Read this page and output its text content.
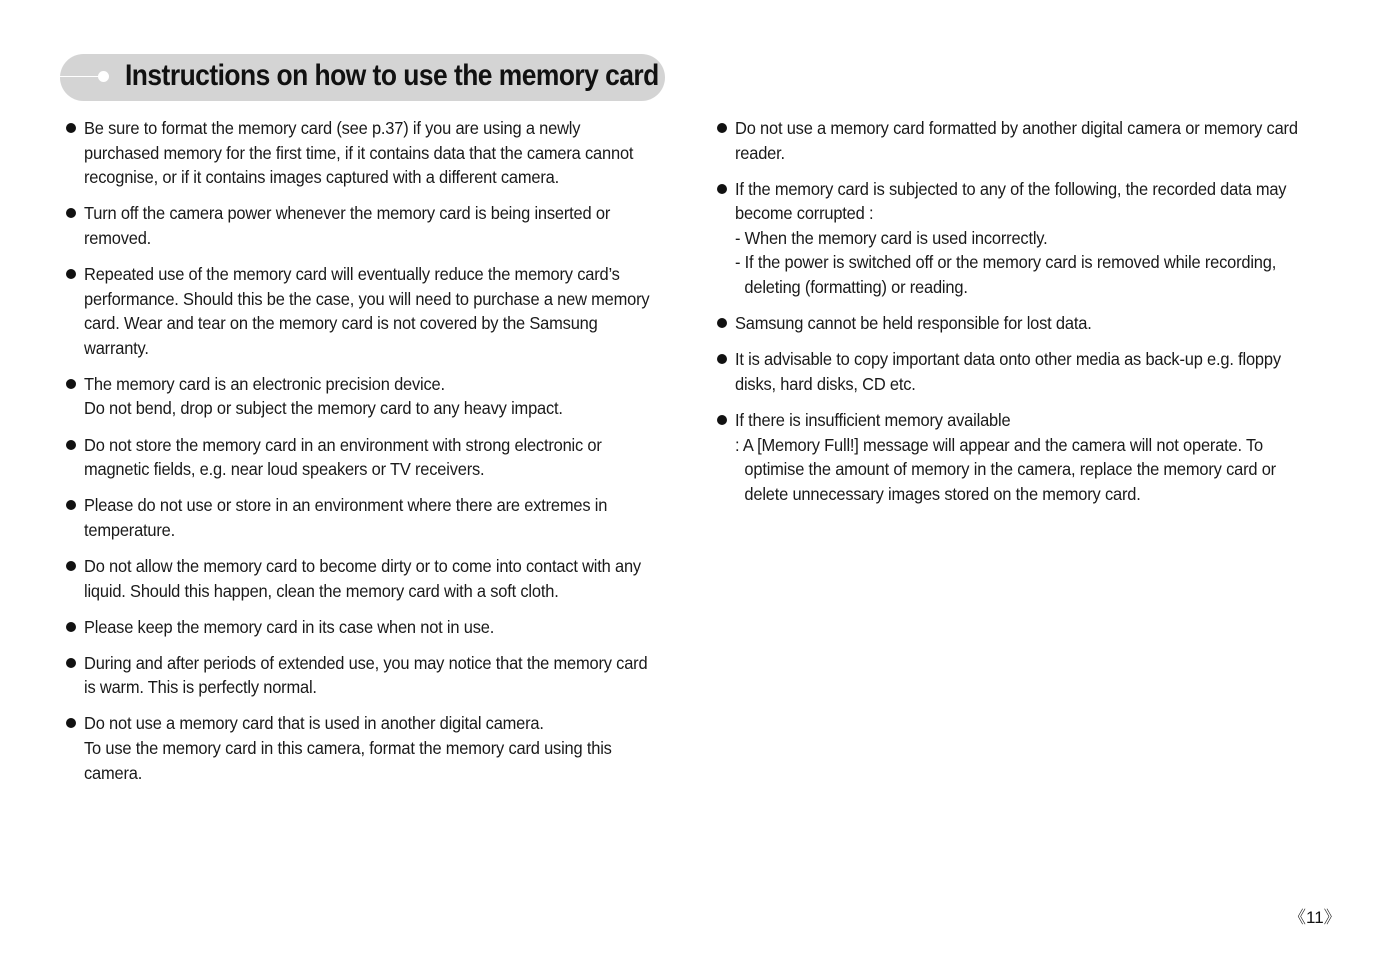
Instructions on how to use the memory card
Be sure to format the memory card (see p.37) if you are using a newly
purchased memory for the first time, if it contains data that the camera cannot
recognise, or if it contains images captured with a different camera.
Turn off the camera power whenever the memory card is being inserted or
removed.
Repeated use of the memory card will eventually reduce the memory card’s
performance. Should this be the case, you will need to purchase a new memory
card. Wear and tear on the memory card is not covered by the Samsung
warranty.
The memory card is an electronic precision device.
Do not bend, drop or subject the memory card to any heavy impact.
Do not store the memory card in an environment with strong electronic or
magnetic fields, e.g. near loud speakers or TV receivers.
Please do not use or store in an environment where there are extremes in
temperature.
Do not allow the memory card to become dirty or to come into contact with any
liquid. Should this happen, clean the memory card with a soft cloth.
Please keep the memory card in its case when not in use.
During and after periods of extended use, you may notice that the memory card
is warm. This is perfectly normal.
Do not use a memory card that is used in another digital camera.
To use the memory card in this camera, format the memory card using this
camera.
Do not use a memory card formatted by another digital camera or memory card
reader.
If the memory card is subjected to any of the following, the recorded data may
become corrupted :
- When the memory card is used incorrectly.
- If the power is switched off or the memory card is removed while recording,
deleting (formatting) or reading.
Samsung cannot be held responsible for lost data.
It is advisable to copy important data onto other media as back-up e.g. floppy
disks, hard disks, CD etc.
If there is insufficient memory available
: A [Memory Full!] message will appear and the camera will not operate. To
optimise the amount of memory in the camera, replace the memory card or
delete unnecessary images stored on the memory card.
《11》
